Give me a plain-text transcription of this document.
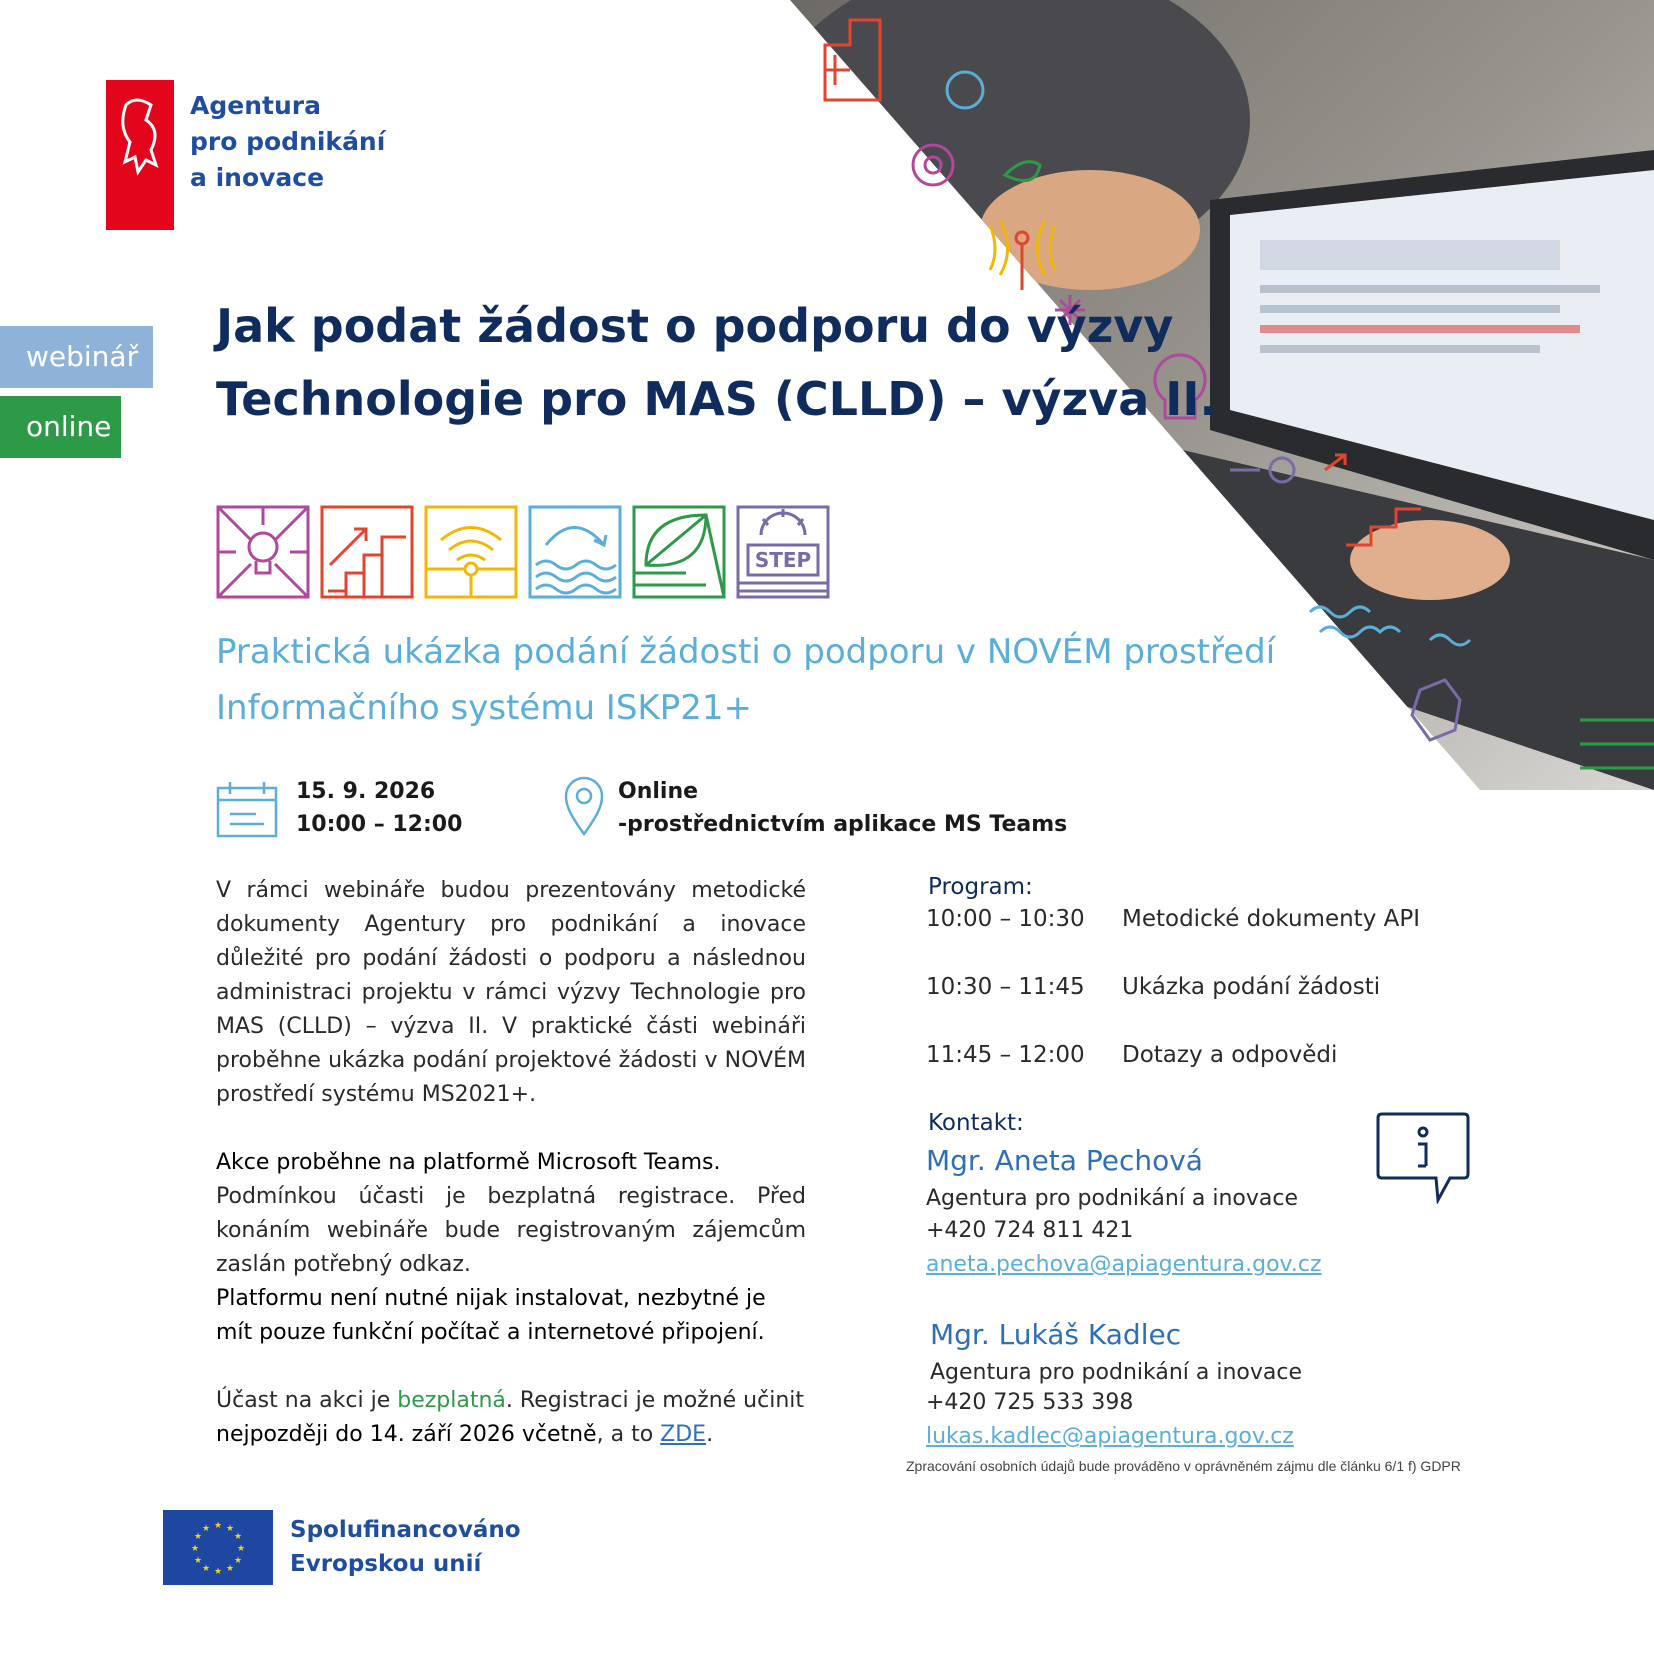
Agentura
pro podnikání
a inovace
webinář
online
Jak podat žádost o podporu do výzvy
Technologie pro MAS (CLLD) – výzva II.
STEP
Praktická ukázka podání žádosti o podporu v NOVÉM prostředí
Informačního systému ISKP21+
15. 9. 2026
10:00 – 12:00
Online
-prostřednictvím aplikace MS Teams

V rámci webináře budou prezentovány metodické dokumenty Agentury pro podnikání a inovace důležité pro podání žádosti o podporu a následnou administraci projektu v rámci výzvy Technologie pro MAS (CLLD) – výzva II. V praktické části webináři proběhne ukázka podání projektové žádosti v NOVÉM prostředí systému MS2021+.

Akce proběhne na platformě Microsoft Teams.

Podmínkou účasti je bezplatná registrace. Před konáním webináře bude registrovaným zájemcům zaslán potřebný odkaz.

Platformu není nutné nijak instalovat, nezbytné je mít pouze funkční počítač a internetové připojení.

Účast na akci je bezplatná. Registraci je možné učinit

nejpozději do 14. září 2026 včetně, a to ZDE.

Program:
10:00 – 10:30 Metodické dokumenty API
10:30 – 11:45 Ukázka podání žádosti
11:45 – 12:00 Dotazy a odpovědi
Kontakt:
Mgr. Aneta Pechová
Agentura pro podnikání a inovace
+420 724 811 421
aneta.pechova@apiagentura.gov.cz
Mgr. Lukáš Kadlec
Agentura pro podnikání a inovace
+420 725 533 398
lukas.kadlec@apiagentura.gov.cz
Zpracování osobních údajů bude prováděno v oprávněném zájmu dle článku 6/1 f) GDPR
★ ★
★
★
★
★
★
★
★
★
★
★	Spolufinancováno
Evropskou unií
